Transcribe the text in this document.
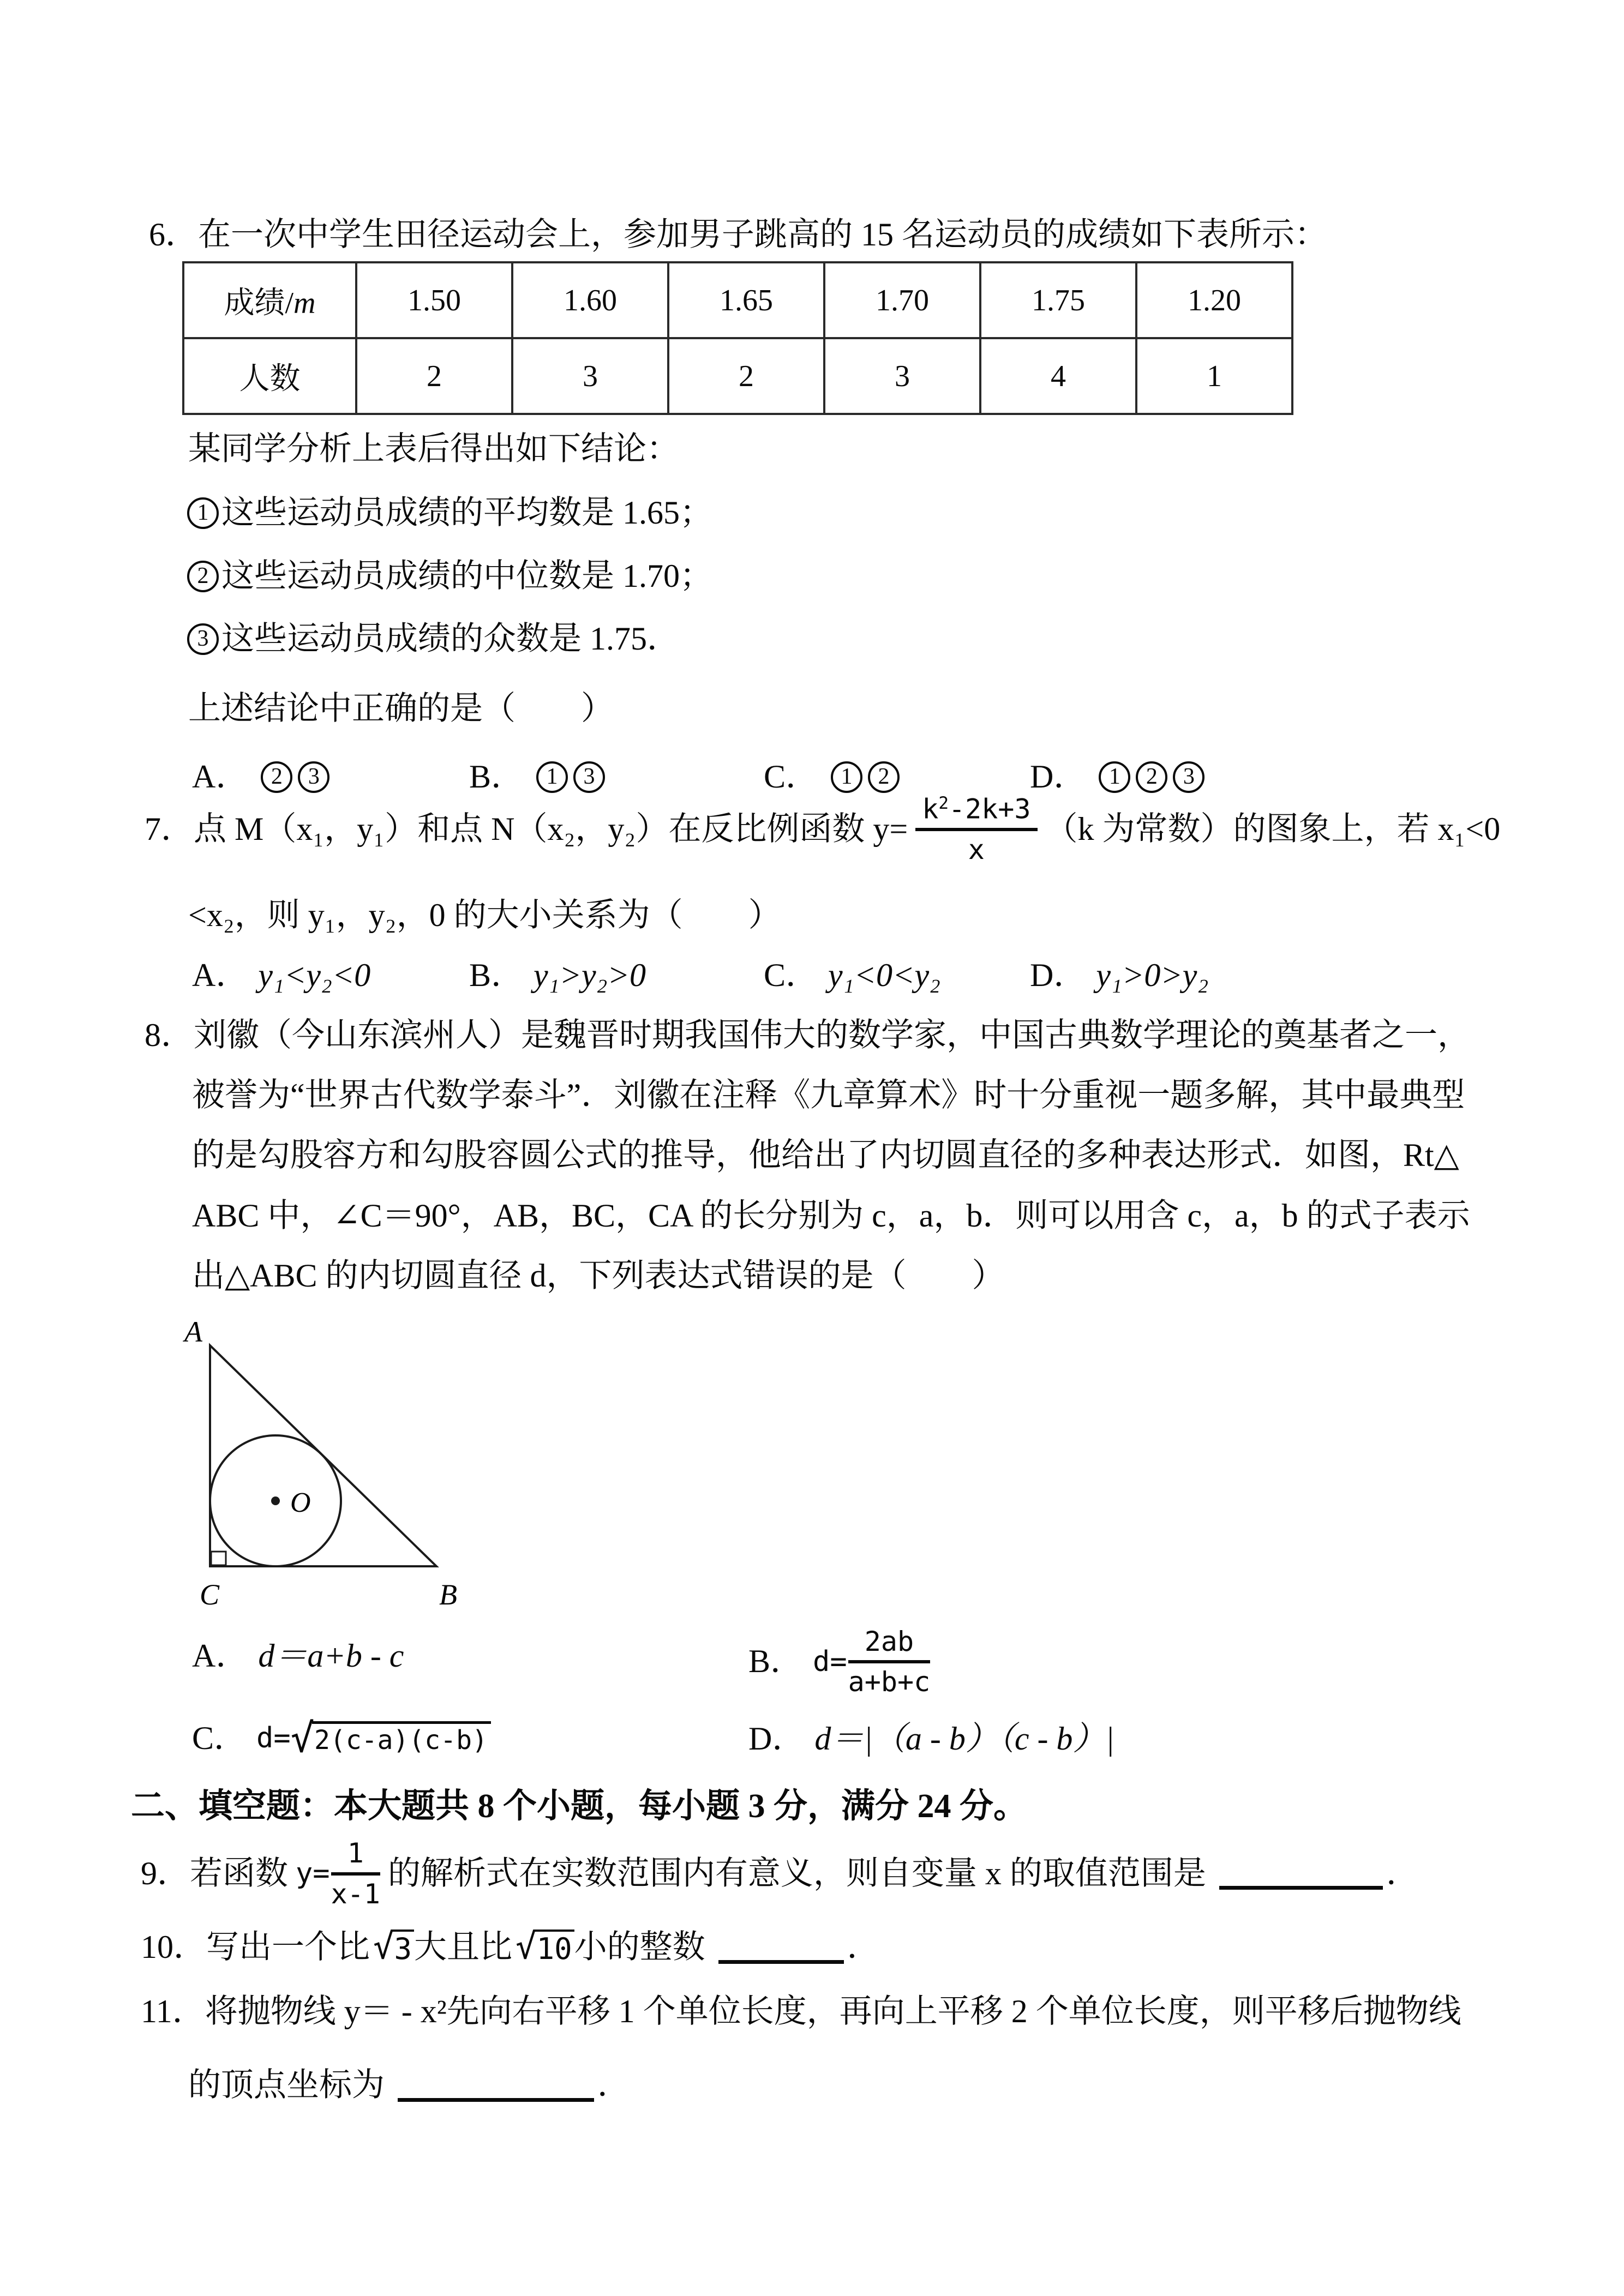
6．在一次中学生田径运动会上，参加男子跳高的 15 名运动员的成绩如下表所示：
成绩/m	1.50	1.60	1.65	1.70	1.75	1.20
人数	2	3	2	3	4	1
某同学分析上表后得出如下结论：
1 这些运动员成绩的平均数是 1.65；
2 这些运动员成绩的中位数是 1.70；
3 这些运动员成绩的众数是 1.75．
上述结论中正确的是（　　）
A． 2 3	B． 1 3	C． 1 2	D． 1 2 3
7．点 M（x₁，y₁）和点 N（x₂，y₂）在反比例函数 $y= \frac{k^2-2k+3}{x} (k$ 为常数）的图象上，若 x₁<0
<x₂，则 y₁，y₂，0 的大小关系为（　　）
A． y₁<y₂<0	B． y₁>y₂>0	C． y₁<0<y₂	D． y₁>0>y₂
8．刘徽（今山东滨州人）是魏晋时期我国伟大的数学家，中国古典数学理论的奠基者之一，
被誉为“世界古代数学泰斗”．刘徽在注释《九章算术》时十分重视一题多解，其中最典型
的是勾股容方和勾股容圆公式的推导，他给出了内切圆直径的多种表达形式．如图，Rt△
ABC 中，∠C＝90°，AB，BC，CA 的长分别为 c，a，b．则可以用含 c，a，b 的式子表示
出△ABC 的内切圆直径 d，下列表达式错误的是（　　）
A
C	B
O
A． d＝a+b - c	B． $d= \frac{2ab}{a+b+c}$
C． d= √ 2(c-a)(c-b)	D． d＝|（a - b）（c - b）|
二、填空题：本大题共 8 个小题，每小题 3 分，满分 24 分。
9．若函数 $y= \frac{1}{x-1}$ 的解析式在实数范围内有意义，则自变量 x 的取值范围是	．
10．写出一个比 √ 3 大且比 √ 10 小的整数	．
11．将抛物线 y＝ - x²先向右平移 1 个单位长度，再向上平移 2 个单位长度，则平移后抛物线
的顶点坐标为	．
